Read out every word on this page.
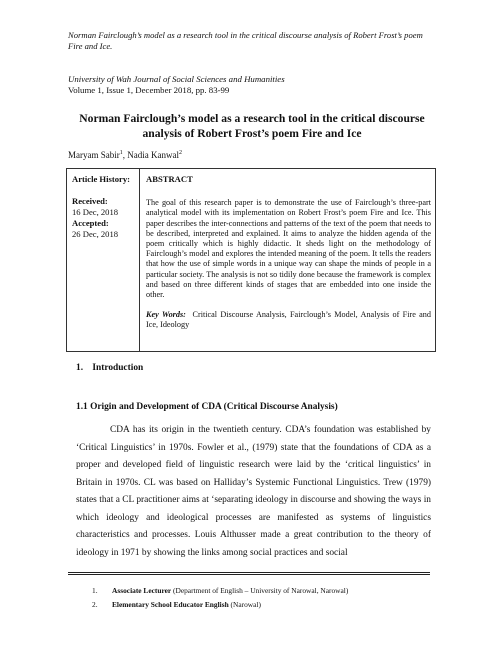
Norman Fairclough’s model as a research tool in the critical discourse analysis of Robert Frost’s poem Fire and Ice.
University of Wah Journal of Social Sciences and Humanities
Volume 1, Issue 1, December 2018, pp. 83-99
Norman Fairclough’s model as a research tool in the critical discourse analysis of Robert Frost’s poem Fire and Ice
Maryam Sabir$^1$, Nadia Kanwal$^2$
Article History:
Received:
16 Dec, 2018
Accepted:
26 Dec, 2018
ABSTRACT
The goal of this research paper is to demonstrate the use of Fairclough’s three-part analytical model with its implementation on Robert Frost’s poem Fire and Ice. This paper describes the inter-connections and patterns of the text of the poem that needs to be described, interpreted and explained. It aims to analyze the hidden agenda of the poem critically which is highly didactic. It sheds light on the methodology of Fairclough’s model and explores the intended meaning of the poem. It tells the readers that how the use of simple words in a unique way can shape the minds of people in a particular society. The analysis is not so tidily done because the framework is complex and based on three different kinds of stages that are embedded into one inside the other.
Key Words: Critical Discourse Analysis, Fairclough’s Model, Analysis of Fire and Ice, Ideology
1. Introduction
1.1 Origin and Development of CDA (Critical Discourse Analysis)
CDA has its origin in the twentieth century. CDA’s foundation was established by ‘Critical Linguistics’ in 1970s. Fowler et al., (1979) state that the foundations of CDA as a proper and developed field of linguistic research were laid by the ‘critical linguistics’ in Britain in 1970s. CL was based on Halliday’s Systemic Functional Linguistics. Trew (1979) states that a CL practitioner aims at ‘separating ideology in discourse and showing the ways in which ideology and ideological processes are manifested as systems of linguistics characteristics and processes. Louis Althusser made a great contribution to the theory of ideology in 1971 by showing the links among social practices and social
1. Associate Lecturer (Department of English – University of Narowal, Narowal)
2. Elementary School Educator English (Narowal)
